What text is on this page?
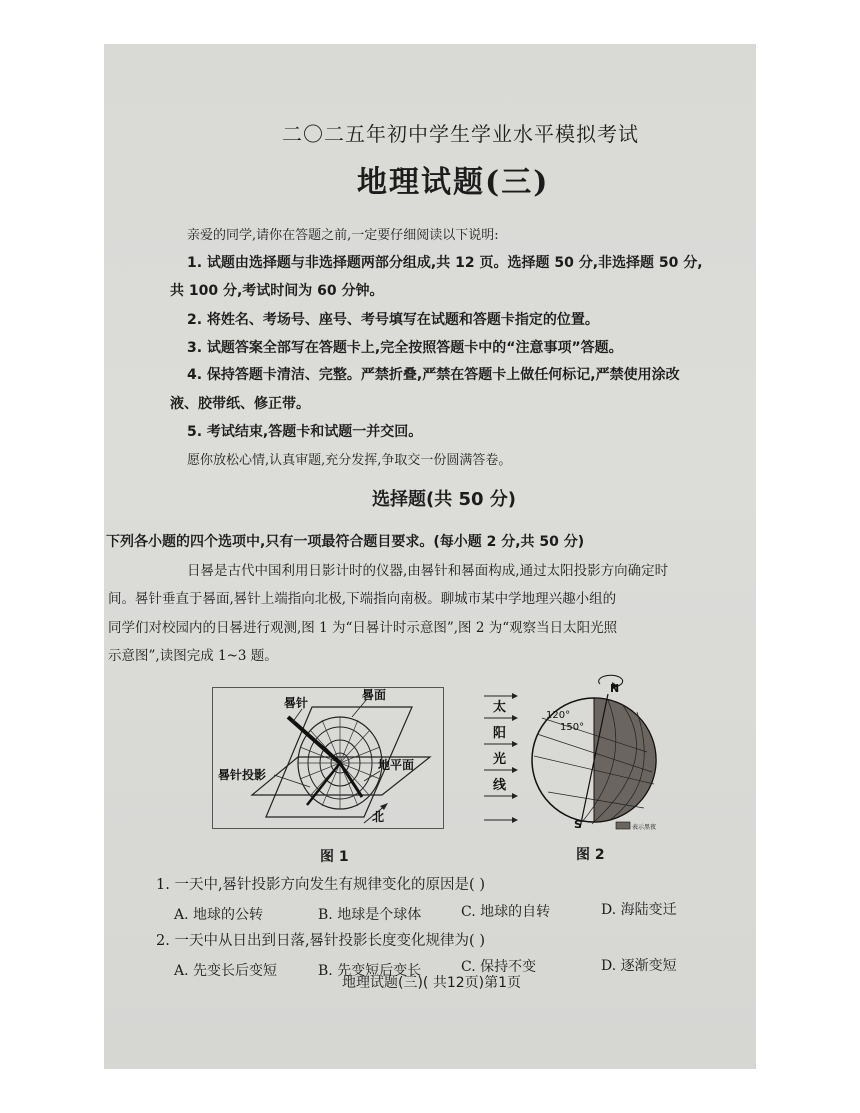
二〇二五年初中学生学业水平模拟考试
地理试题(三)
亲爱的同学,请你在答题之前,一定要仔细阅读以下说明:
1. 试题由选择题与非选择题两部分组成,共 12 页。选择题 50 分,非选择题 50 分,
共 100 分,考试时间为 60 分钟。
2. 将姓名、考场号、座号、考号填写在试题和答题卡指定的位置。
3. 试题答案全部写在答题卡上,完全按照答题卡中的“注意事项”答题。
4. 保持答题卡清洁、完整。严禁折叠,严禁在答题卡上做任何标记,严禁使用涂改
液、胶带纸、修正带。
5. 考试结束,答题卡和试题一并交回。
愿你放松心情,认真审题,充分发挥,争取交一份圆满答卷。
选择题(共 50 分)
下列各小题的四个选项中,只有一项最符合题目要求。(每小题 2 分,共 50 分)
日晷是古代中国利用日影计时的仪器,由晷针和晷面构成,通过太阳投影方向确定时
间。晷针垂直于晷面,晷针上端指向北极,下端指向南极。聊城市某中学地理兴趣小组的
同学们对校园内的日晷进行观测,图 1 为“日晷计时示意图”,图 2 为“观察当日太阳光照
示意图”,读图完成 1~3 题。
晷针
晷面
晷针投影
地平面
北
太
阳
光
线
N
S
120°
150°
表示黑夜
图 1	图 2
1. 一天中,晷针投影方向发生有规律变化的原因是( )
A. 地球的公转	B. 地球是个球体	C. 地球的自转	D. 海陆变迁
2. 一天中从日出到日落,晷针投影长度变化规律为( )
A. 先变长后变短	B. 先变短后变长	C. 保持不变	D. 逐渐变短
地理试题(三)( 共12页)第1页
